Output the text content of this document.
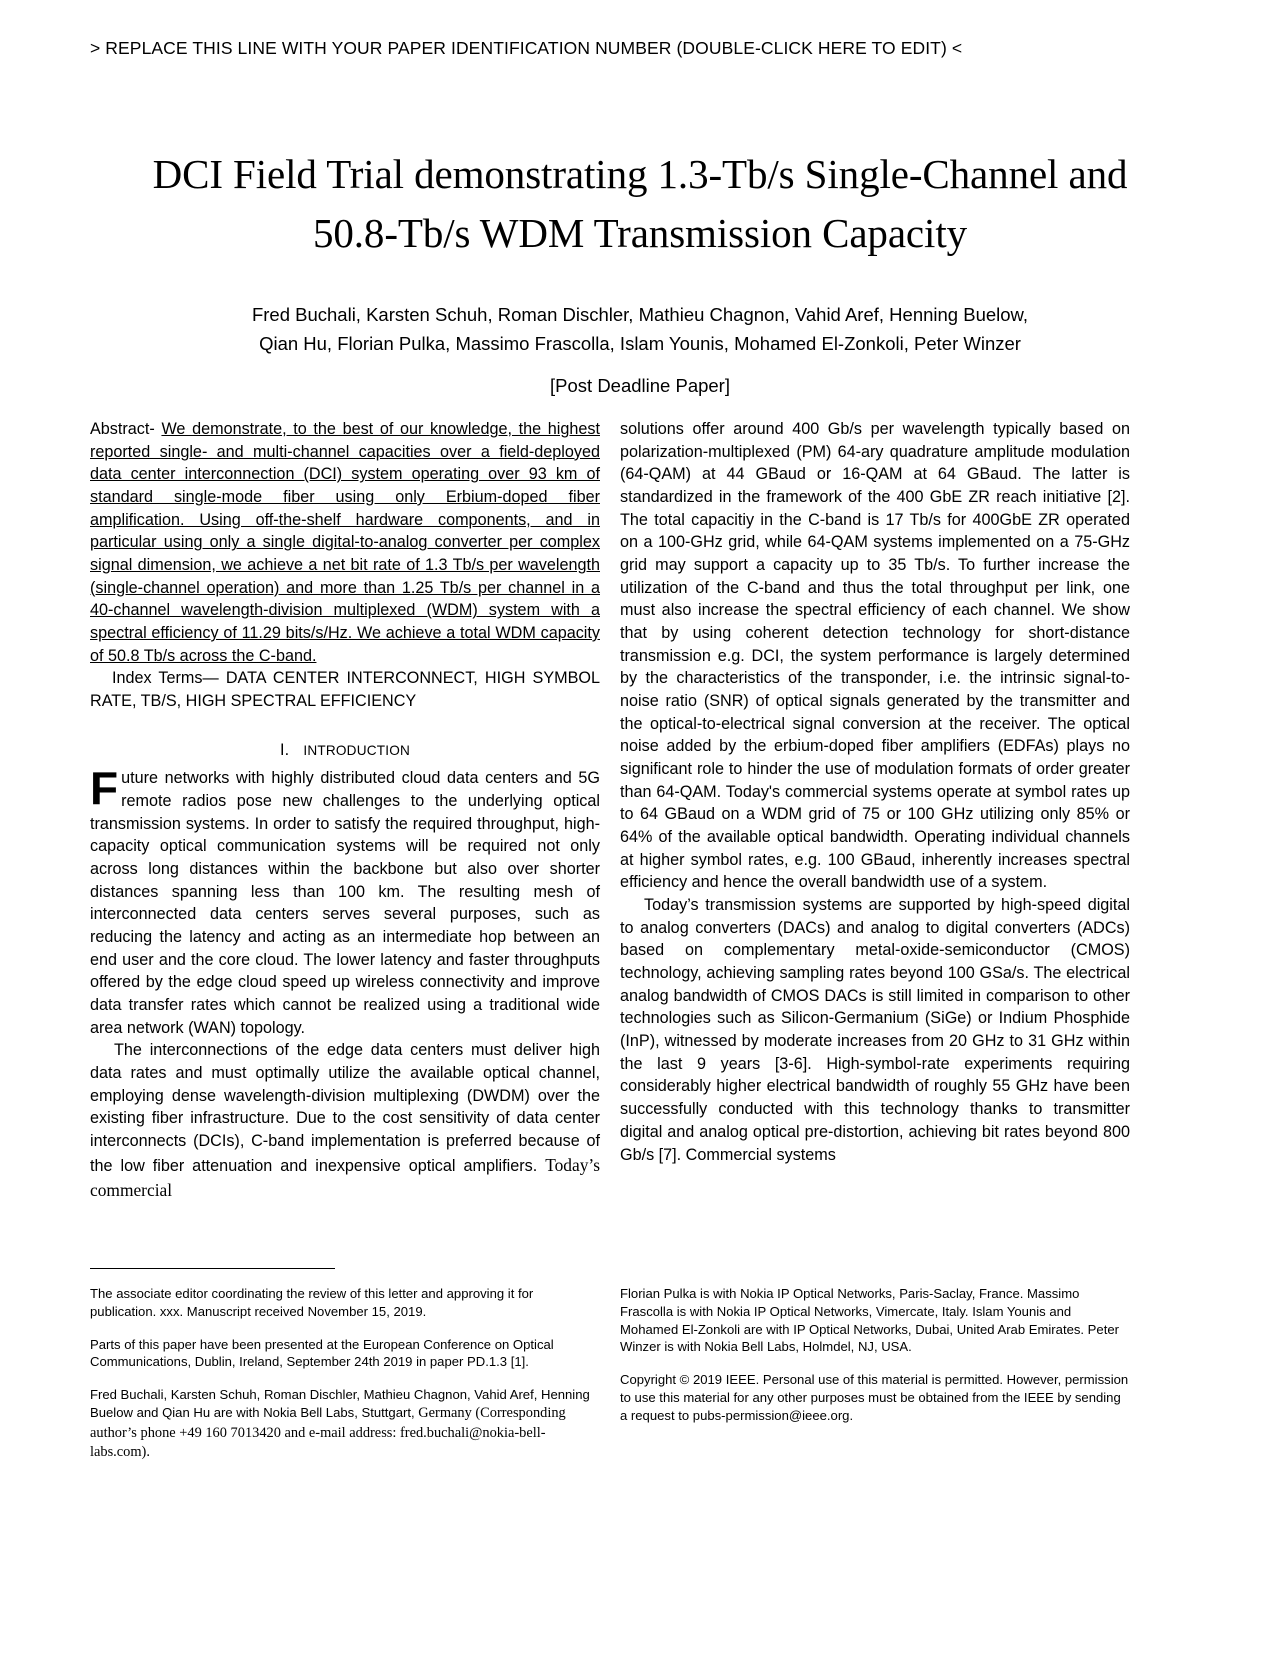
> REPLACE THIS LINE WITH YOUR PAPER IDENTIFICATION NUMBER (DOUBLE-CLICK HERE TO EDIT) <
DCI Field Trial demonstrating 1.3-Tb/s Single-Channel and 50.8-Tb/s WDM Transmission Capacity
Fred Buchali, Karsten Schuh, Roman Dischler, Mathieu Chagnon, Vahid Aref, Henning Buelow,
Qian Hu, Florian Pulka, Massimo Frascolla, Islam Younis, Mohamed El-Zonkoli, Peter Winzer
[Post Deadline Paper]

Abstract- We demonstrate, to the best of our knowledge, the highest reported single- and multi-channel capacities over a field-deployed data center interconnection (DCI) system operating over 93 km of standard single-mode fiber using only Erbium-doped fiber amplification. Using off-the-shelf hardware components, and in particular using only a single digital-to-analog converter per complex signal dimension, we achieve a net bit rate of 1.3 Tb/s per wavelength (single-channel operation) and more than 1.25 Tb/s per channel in a 40-channel wavelength-division multiplexed (WDM) system with a spectral efficiency of 11.29 bits/s/Hz. We achieve a total WDM capacity of 50.8 Tb/s across the C-band.

Index Terms— DATA CENTER INTERCONNECT, HIGH SYMBOL RATE, TB/S, HIGH SPECTRAL EFFICIENCY

I. INTRODUCTION

Future networks with highly distributed cloud data centers and 5G remote radios pose new challenges to the underlying optical transmission systems. In order to satisfy the required throughput, high-capacity optical communication systems will be required not only across long distances within the backbone but also over shorter distances spanning less than 100 km. The resulting mesh of interconnected data centers serves several purposes, such as reducing the latency and acting as an intermediate hop between an end user and the core cloud. The lower latency and faster throughputs offered by the edge cloud speed up wireless connectivity and improve data transfer rates which cannot be realized using a traditional wide area network (WAN) topology.

The interconnections of the edge data centers must deliver high data rates and must optimally utilize the available optical channel, employing dense wavelength-division multiplexing (DWDM) over the existing fiber infrastructure. Due to the cost sensitivity of data center interconnects (DCIs), C-band implementation is preferred because of the low fiber attenuation and inexpensive optical amplifiers. Today’s commercial

solutions offer around 400 Gb/s per wavelength typically based on polarization-multiplexed (PM) 64-ary quadrature amplitude modulation (64-QAM) at 44 GBaud or 16-QAM at 64 GBaud. The latter is standardized in the framework of the 400 GbE ZR reach initiative [2]. The total capacitiy in the C-band is 17 Tb/s for 400GbE ZR operated on a 100-GHz grid, while 64-QAM systems implemented on a 75-GHz grid may support a capacity up to 35 Tb/s. To further increase the utilization of the C-band and thus the total throughput per link, one must also increase the spectral efficiency of each channel. We show that by using coherent detection technology for short-distance transmission e.g. DCI, the system performance is largely determined by the characteristics of the transponder, i.e. the intrinsic signal-to-noise ratio (SNR) of optical signals generated by the transmitter and the optical-to-electrical signal conversion at the receiver. The optical noise added by the erbium-doped fiber amplifiers (EDFAs) plays no significant role to hinder the use of modulation formats of order greater than 64-QAM. Today's commercial systems operate at symbol rates up to 64 GBaud on a WDM grid of 75 or 100 GHz utilizing only 85% or 64% of the available optical bandwidth. Operating individual channels at higher symbol rates, e.g. 100 GBaud, inherently increases spectral efficiency and hence the overall bandwidth use of a system.

Today’s transmission systems are supported by high-speed digital to analog converters (DACs) and analog to digital converters (ADCs) based on complementary metal-oxide-semiconductor (CMOS) technology, achieving sampling rates beyond 100 GSa/s. The electrical analog bandwidth of CMOS DACs is still limited in comparison to other technologies such as Silicon-Germanium (SiGe) or Indium Phosphide (InP), witnessed by moderate increases from 20 GHz to 31 GHz within the last 9 years [3-6]. High-symbol-rate experiments requiring considerably higher electrical bandwidth of roughly 55 GHz have been successfully conducted with this technology thanks to transmitter digital and analog optical pre-distortion, achieving bit rates beyond 800 Gb/s [7]. Commercial systems

The associate editor coordinating the review of this letter and approving it for publication. xxx. Manuscript received November 15, 2019.

Parts of this paper have been presented at the European Conference on Optical Communications, Dublin, Ireland, September 24th 2019 in paper PD.1.3 [1].

Fred Buchali, Karsten Schuh, Roman Dischler, Mathieu Chagnon, Vahid Aref, Henning Buelow and Qian Hu are with Nokia Bell Labs, Stuttgart, Germany (Corresponding author’s phone +49 160 7013420 and e-mail address: fred.buchali@nokia-bell-labs.com).

Florian Pulka is with Nokia IP Optical Networks, Paris-Saclay, France. Massimo Frascolla is with Nokia IP Optical Networks, Vimercate, Italy. Islam Younis and Mohamed El-Zonkoli are with IP Optical Networks, Dubai, United Arab Emirates. Peter Winzer is with Nokia Bell Labs, Holmdel, NJ, USA.

Copyright © 2019 IEEE. Personal use of this material is permitted. However, permission to use this material for any other purposes must be obtained from the IEEE by sending a request to pubs-permission@ieee.org.
